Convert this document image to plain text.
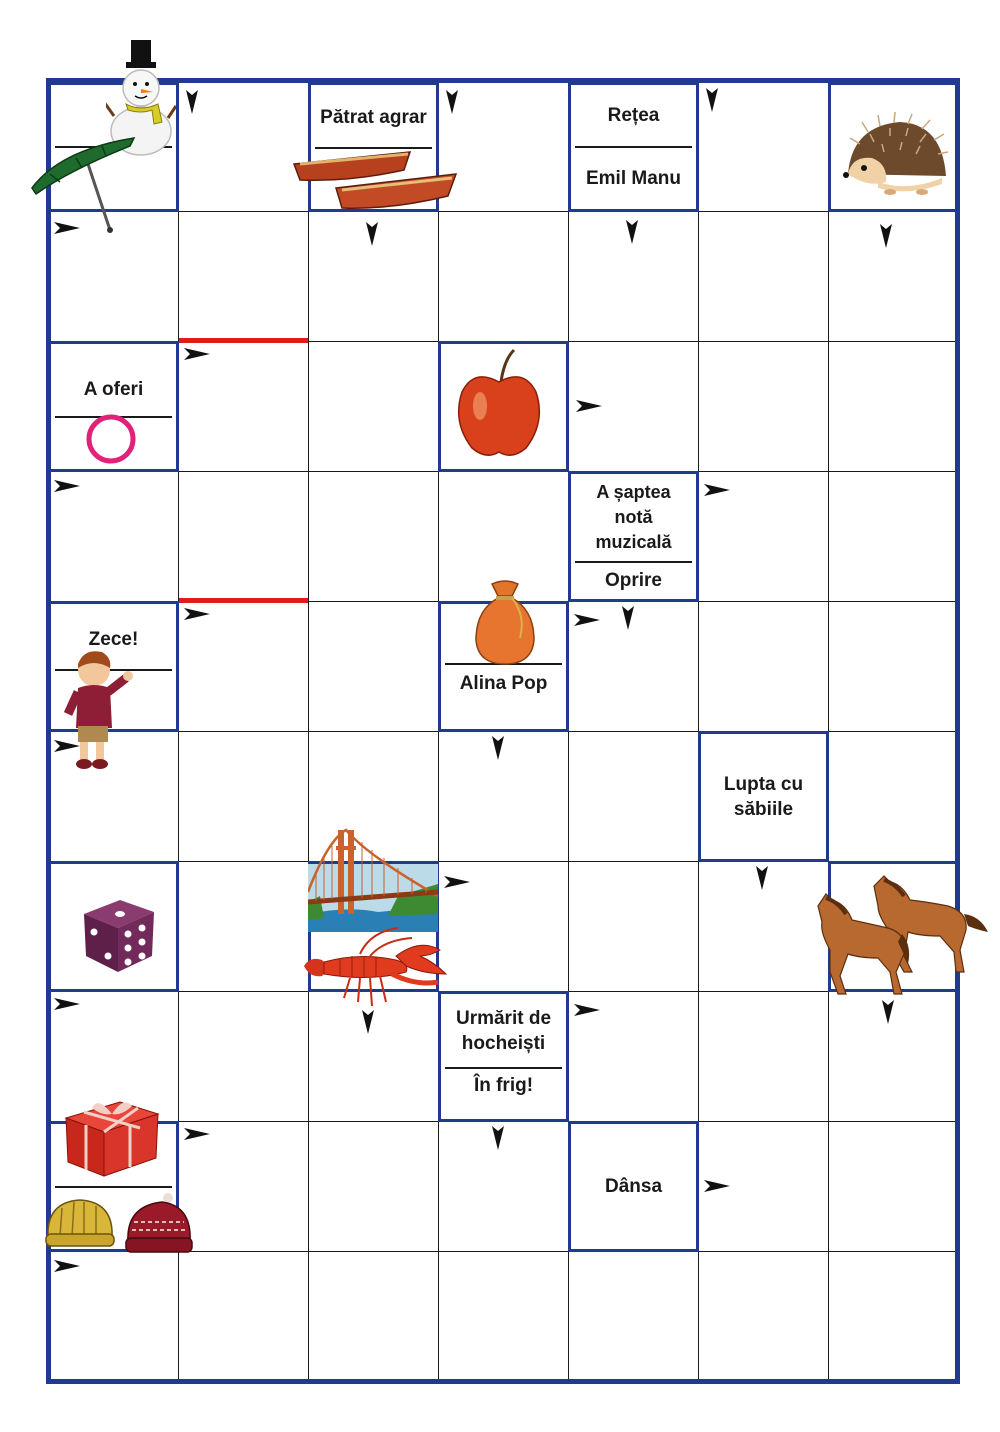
Pătrat agrar	Rețea
Emil Manu
A oferi
A șaptea notă muzicală
Oprire
Zece!
Alina Pop
Lupta cu săbiile
Urmărit de hocheiști
În frig!
Dânsa
